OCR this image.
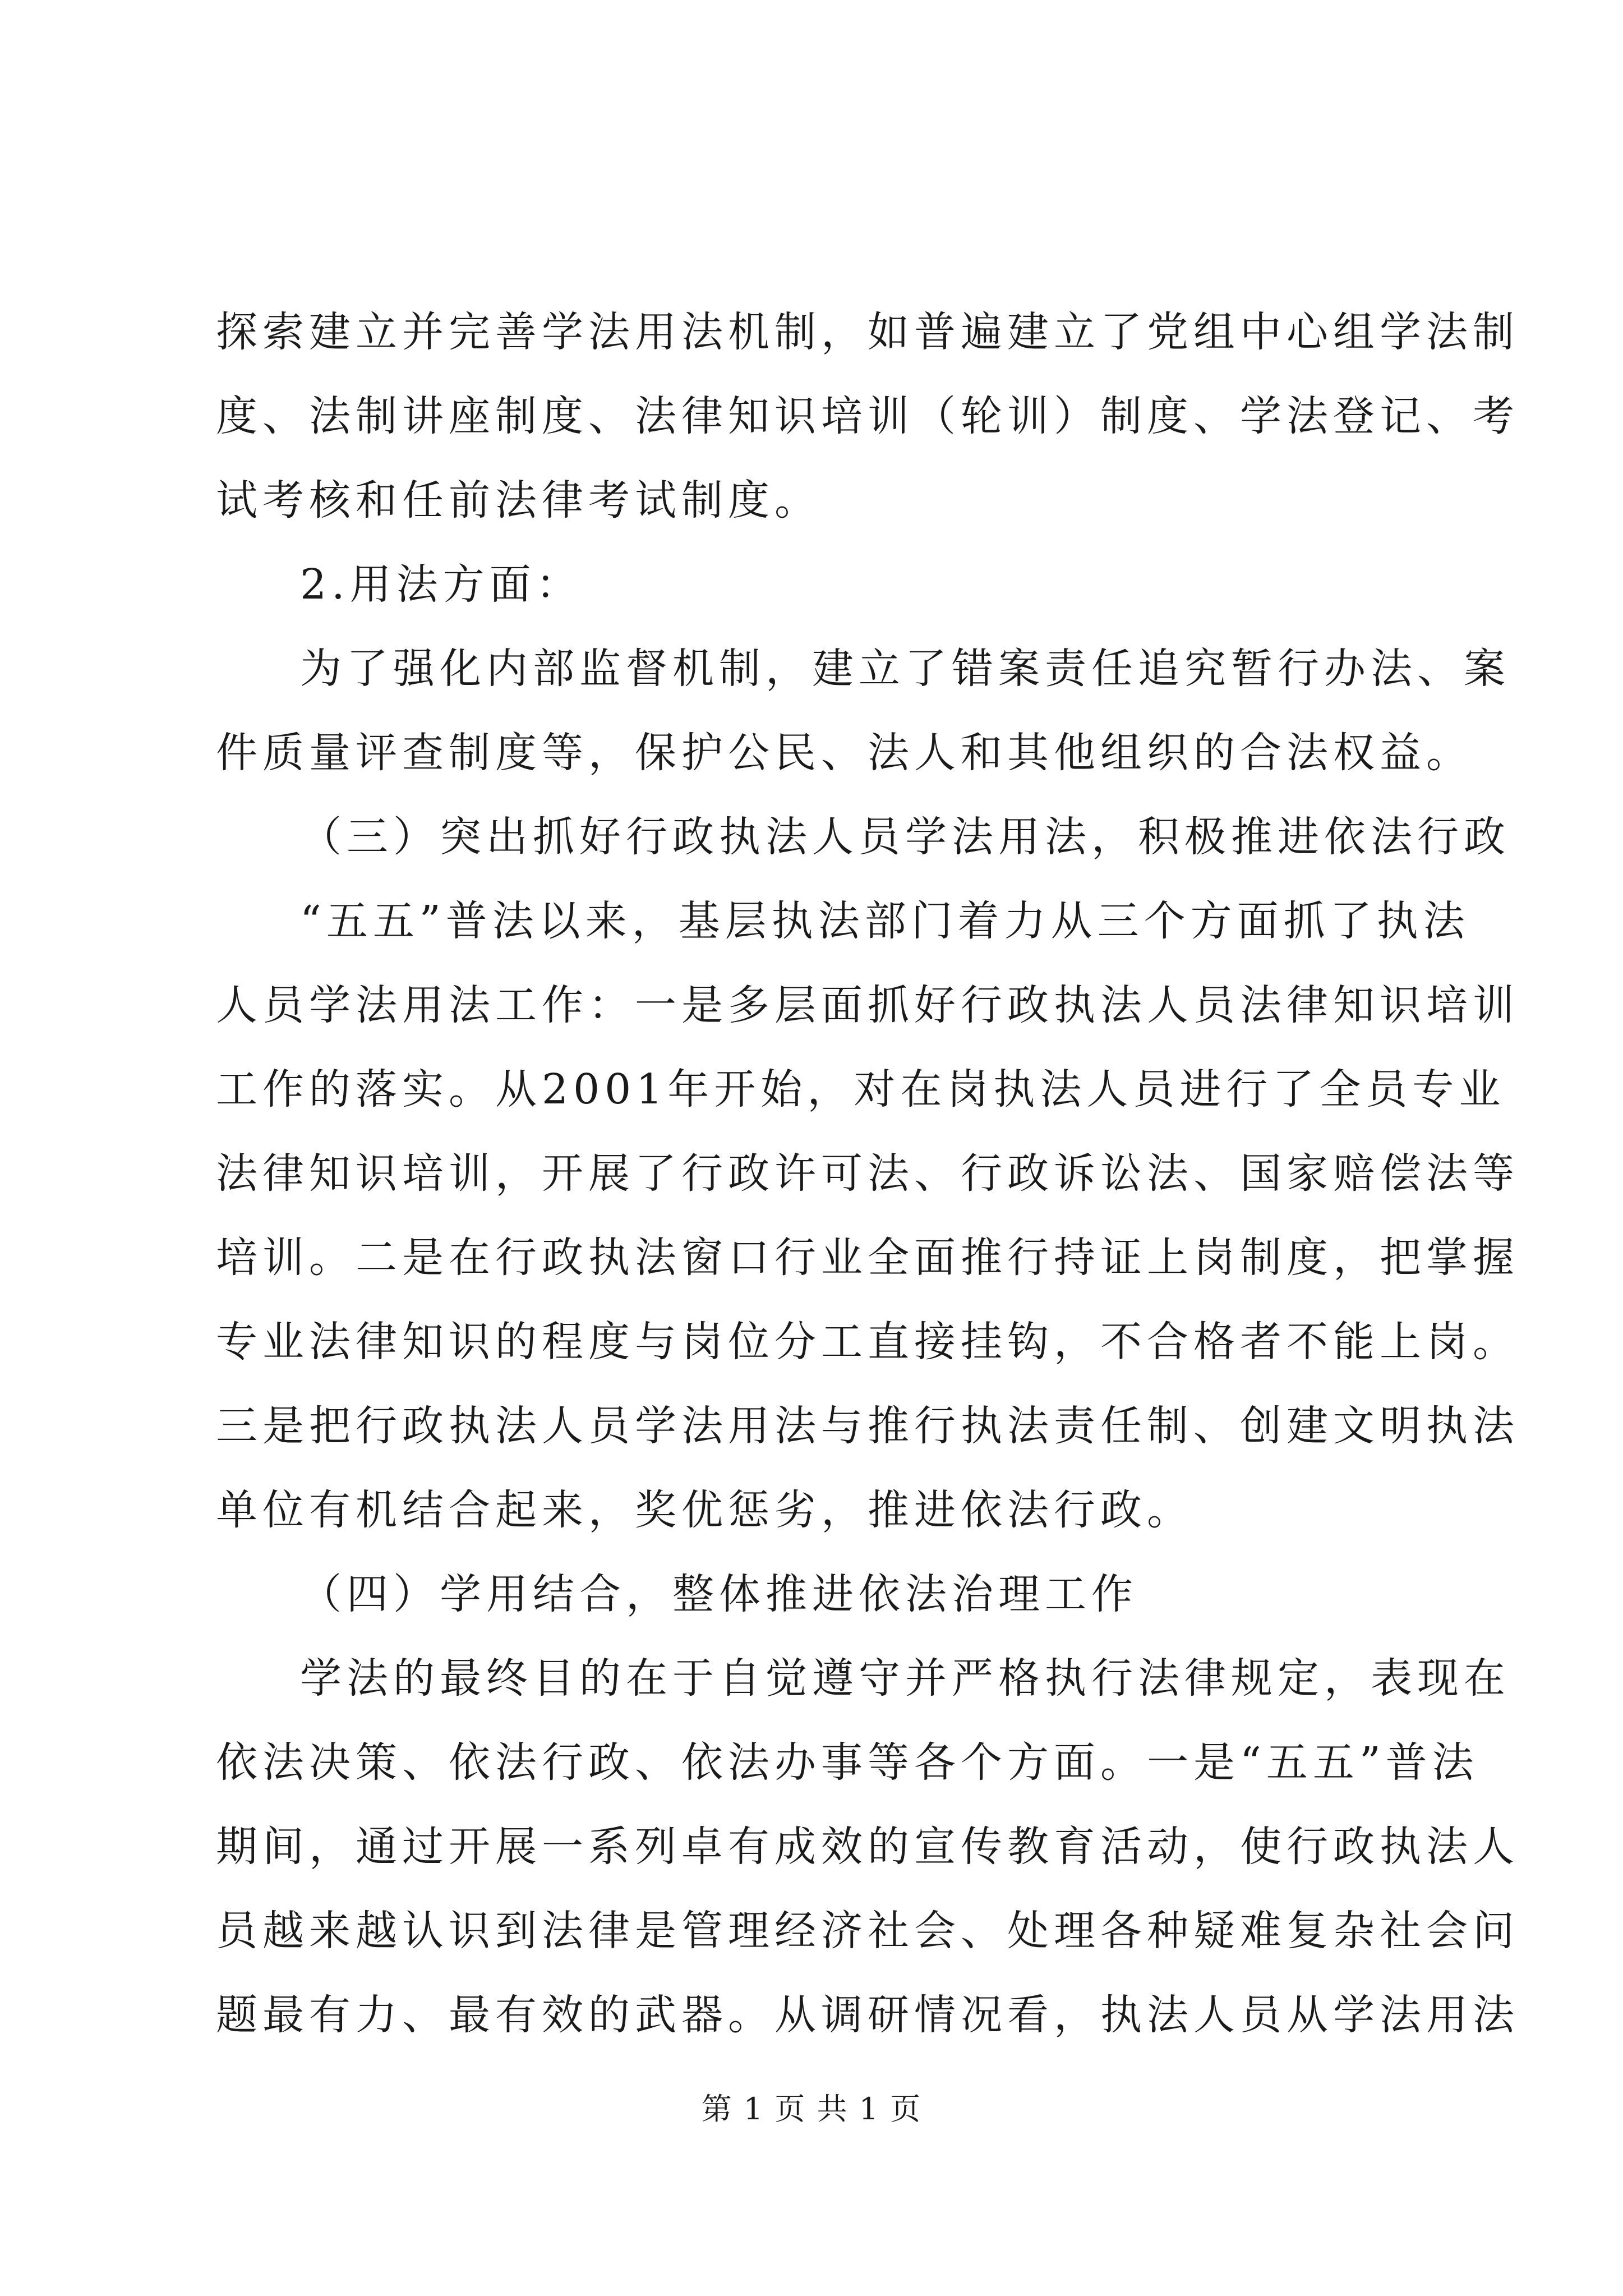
探索建立并完善学法用法机制，如普遍建立了党组中心组学法制
度、法制讲座制度、法律知识培训（轮训）制度、学法登记、考
试考核和任前法律考试制度。
2.用法方面：
为了强化内部监督机制，建立了错案责任追究暂行办法、案
件质量评查制度等，保护公民、法人和其他组织的合法权益。
（三）突出抓好行政执法人员学法用法，积极推进依法行政
“五五”普法以来，基层执法部门着力从三个方面抓了执法
人员学法用法工作：一是多层面抓好行政执法人员法律知识培训
工作的落实。从2001年开始，对在岗执法人员进行了全员专业
法律知识培训，开展了行政许可法、行政诉讼法、国家赔偿法等
培训。二是在行政执法窗口行业全面推行持证上岗制度，把掌握
专业法律知识的程度与岗位分工直接挂钩，不合格者不能上岗。
三是把行政执法人员学法用法与推行执法责任制、创建文明执法
单位有机结合起来，奖优惩劣，推进依法行政。
（四）学用结合，整体推进依法治理工作
学法的最终目的在于自觉遵守并严格执行法律规定，表现在
依法决策、依法行政、依法办事等各个方面。一是“五五”普法
期间，通过开展一系列卓有成效的宣传教育活动，使行政执法人
员越来越认识到法律是管理经济社会、处理各种疑难复杂社会问
题最有力、最有效的武器。从调研情况看，执法人员从学法用法
第 1 页 共 1 页
